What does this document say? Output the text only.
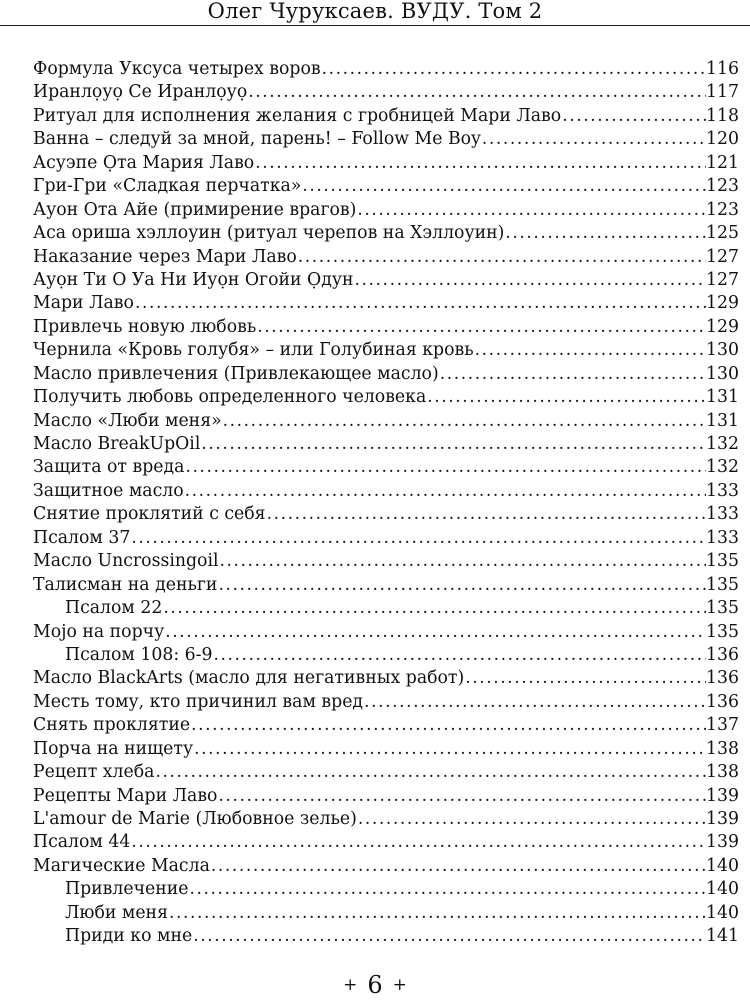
Олег Чуруксаев. ВУДУ. Том 2
Формула Уксуса четырех воров .....	116
Иранлọуọ Се Иранлọуọ .....	117
Ритуал для исполнения желания с гробницей Мари Лаво .....	118
Ванна – следуй за мной, парень! – Follow Me Boy .....	120
Асуэпе Ọта Мария Лаво .....	121
Гри-Гри «Сладкая перчатка» .....	123
Ауон Ота Айе (примирение врагов) .....	123
Аса ориша хэллоуин (ритуал черепов на Хэллоуин) .....	125
Наказание через Мари Лаво .....	127
Ауọн Ти О Уа Ни Иуọн Огойи Ọдун .....	127
Мари Лаво .....	129
Привлечь новую любовь .....	129
Чернила «Кровь голубя» – или Голубиная кровь .....	130
Масло привлечения (Привлекающее масло) .....	130
Получить любовь определенного человека .....	131
Масло «Люби меня» .....	131
Масло BreakUpOil .....	132
Защита от вреда .....	132
Защитное масло .....	133
Снятие проклятий с себя .....	133
Псалом 37 .....	133
Масло Uncrossingoil .....	135
Талисман на деньги .....	135
Псалом 22 .....	135
Mojo на порчу .....	135
Псалом 108: 6-9 .....	136
Масло BlackArts (масло для негативных работ) .....	136
Месть тому, кто причинил вам вред .....	136
Снять проклятие .....	137
Порча на нищету .....	138
Рецепт хлеба .....	138
Рецепты Мари Лаво .....	139
L'amour de Marie (Любовное зелье) .....	139
Псалом 44 .....	139
Магические Масла .....	140
Привлечение .....	140
Люби меня .....	140
Приди ко мне .....	141
+ 6 +
